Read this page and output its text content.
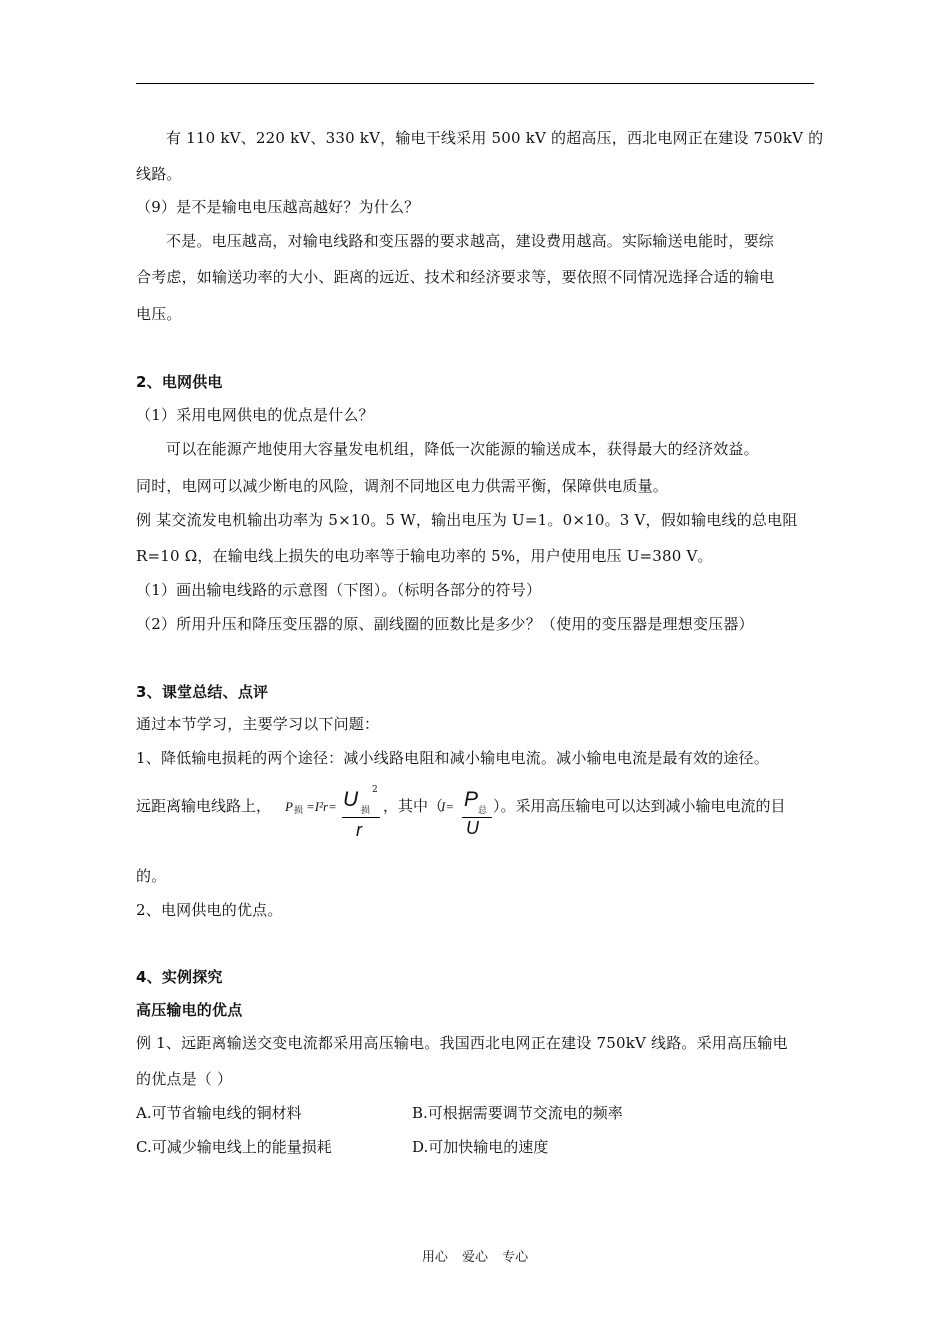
有 110 kV、220 kV、330 kV，输电干线采用 500 kV 的超高压，西北电网正在建设 750kV 的
线路。
（9）是不是输电电压越高越好？为什么？
不是。电压越高，对输电线路和变压器的要求越高，建设费用越高。实际输送电能时，要综
合考虑，如输送功率的大小、距离的远近、技术和经济要求等，要依照不同情况选择合适的输电
电压。
2、电网供电
（1）采用电网供电的优点是什么？
可以在能源产地使用大容量发电机组，降低一次能源的输送成本，获得最大的经济效益。
同时，电网可以减少断电的风险，调剂不同地区电力供需平衡，保障供电质量。
例 某交流发电机输出功率为 5×10。5 W，输出电压为 U=1。0×10。3 V，假如输电线的总电阻
R=10 Ω，在输电线上损失的电功率等于输电功率的 5%，用户使用电压 U=380 V。
（1）画出输电线路的示意图（下图）。（标明各部分的符号）
（2）所用升压和降压变压器的原、副线圈的匝数比是多少？（使用的变压器是理想变压器）
3、课堂总结、点评
通过本节学习，主要学习以下问题：
1、降低输电损耗的两个途径：减小线路电阻和减小输电电流。减小输电电流是最有效的途径。
远距离输电线路上， P 损 =I²r= U 损
2
r
，其中（
I= P 总
U
）。采用高压输电可以达到减小输电电流的目
的。
2、电网供电的优点。
4、实例探究
高压输电的优点
例 1、远距离输送交变电流都采用高压输电。我国西北电网正在建设 750kV 线路。采用高压输电
的优点是（ ）
A.可节省输电线的铜材料	B.可根据需要调节交流电的频率
C.可减少输电线上的能量损耗	D.可加快输电的速度
用心 爱心 专心
